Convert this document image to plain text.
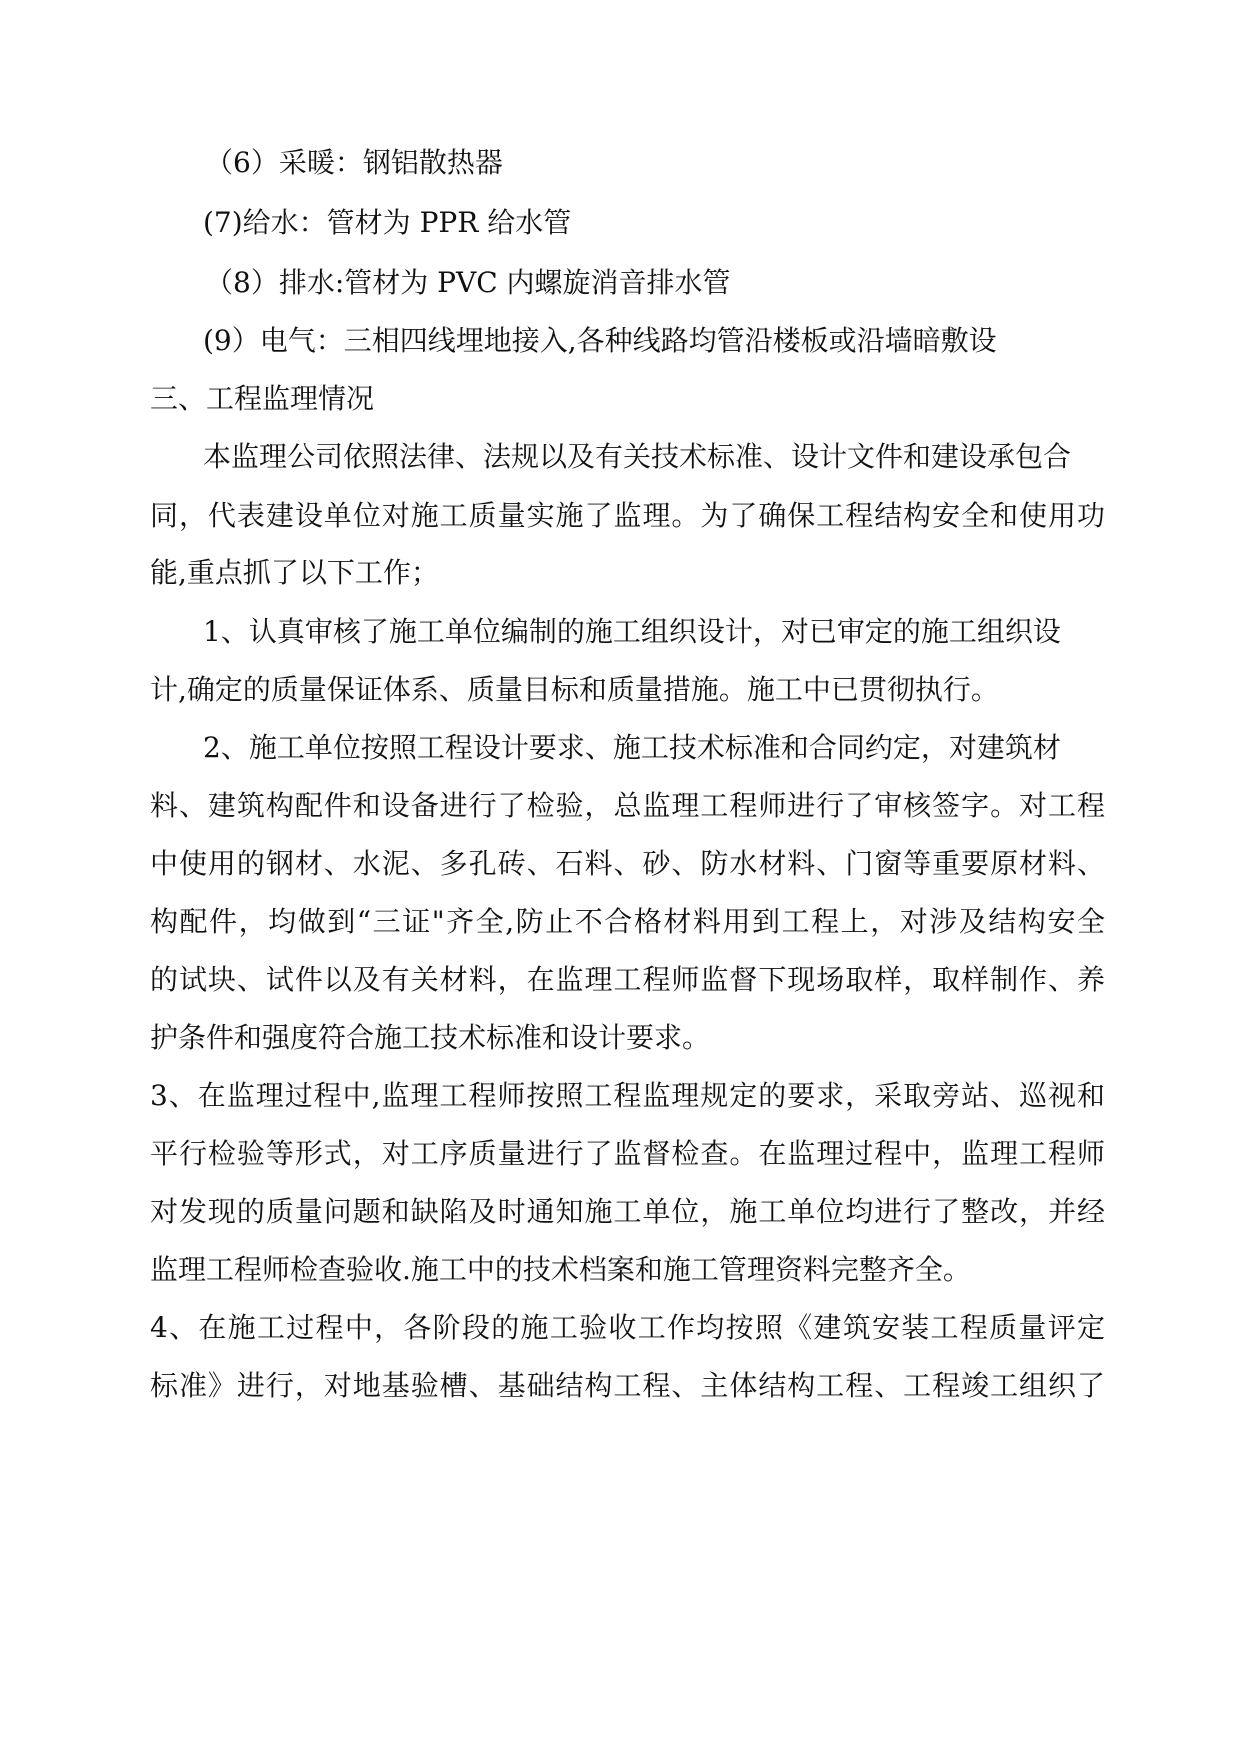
（6）采暖：钢铝散热器
(7)给水：管材为 PPR 给水管
（8）排水:管材为 PVC 内螺旋消音排水管
(9）电气：三相四线埋地接入,各种线路均管沿楼板或沿墙暗敷设
三、工程监理情况
本监理公司依照法律、法规以及有关技术标准、设计文件和建设承包合
同，代表建设单位对施工质量实施了监理。为了确保工程结构安全和使用功
能,重点抓了以下工作；
1、认真审核了施工单位编制的施工组织设计，对已审定的施工组织设
计,确定的质量保证体系、质量目标和质量措施。施工中已贯彻执行。
2、施工单位按照工程设计要求、施工技术标准和合同约定，对建筑材
料、建筑构配件和设备进行了检验，总监理工程师进行了审核签字。对工程
中使用的钢材、水泥、多孔砖、石料、砂、防水材料、门窗等重要原材料、
构配件，均做到“三证"齐全,防止不合格材料用到工程上，对涉及结构安全
的试块、试件以及有关材料，在监理工程师监督下现场取样，取样制作、养
护条件和强度符合施工技术标准和设计要求。
3、在监理过程中,监理工程师按照工程监理规定的要求，采取旁站、巡视和
平行检验等形式，对工序质量进行了监督检查。在监理过程中，监理工程师
对发现的质量问题和缺陷及时通知施工单位，施工单位均进行了整改，并经
监理工程师检查验收.施工中的技术档案和施工管理资料完整齐全。
4、在施工过程中，各阶段的施工验收工作均按照《建筑安装工程质量评定
标准》进行，对地基验槽、基础结构工程、主体结构工程、工程竣工组织了
